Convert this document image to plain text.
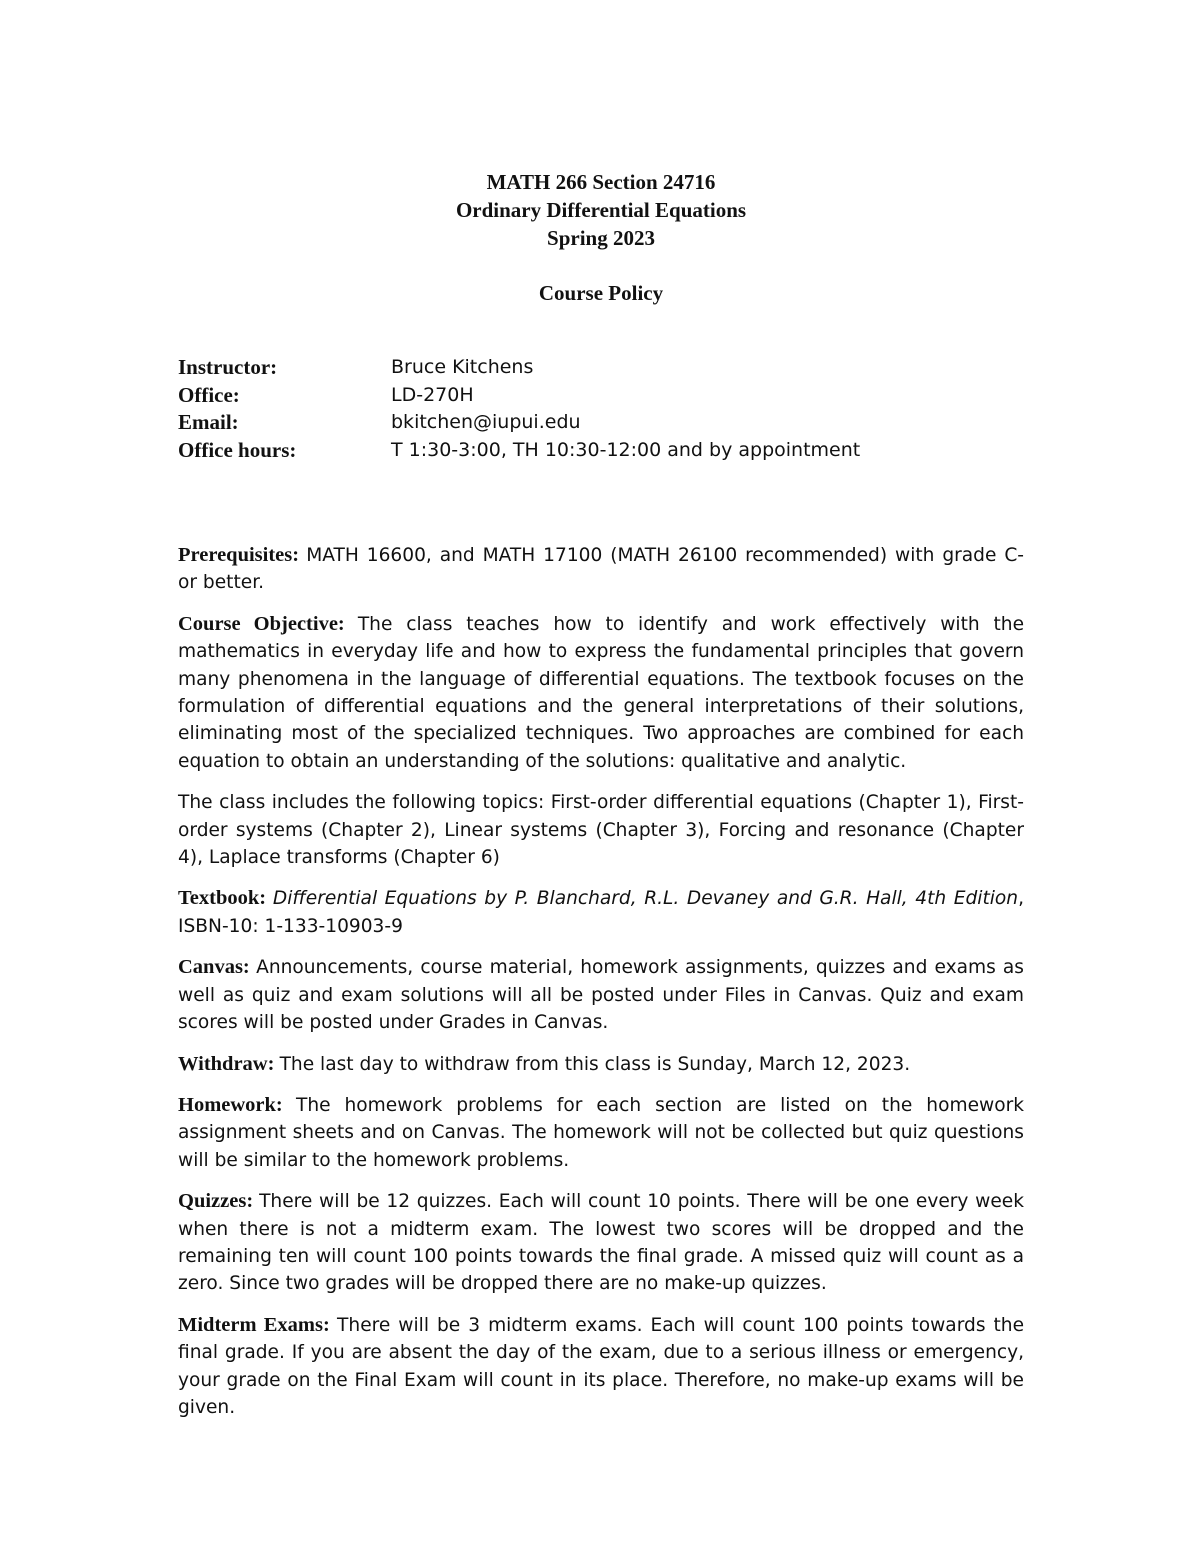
MATH 266 Section 24716
Ordinary Differential Equations
Spring 2023
Course Policy
Instructor:	Bruce Kitchens
Office:	LD-270H
Email:	bkitchen@iupui.edu
Office hours:	T 1:30-3:00, TH 10:30-12:00 and by appointment

Prerequisites: MATH 16600, and MATH 17100 (MATH 26100 recommended) with grade C- or better.

Course Objective: The class teaches how to identify and work effectively with the mathematics in everyday life and how to express the fundamental principles that govern many phenomena in the language of differential equations. The textbook focuses on the formulation of differential equations and the general interpretations of their solutions, eliminating most of the specialized techniques. Two approaches are combined for each equation to obtain an understanding of the solutions: qualitative and analytic.

The class includes the following topics: First-order differential equations (Chapter 1), First-order systems (Chapter 2), Linear systems (Chapter 3), Forcing and resonance (Chapter 4), Laplace transforms (Chapter 6)

Textbook: Differential Equations by P. Blanchard, R.L. Devaney and G.R. Hall, 4th Edition, ISBN-10: 1-133-10903-9

Canvas: Announcements, course material, homework assignments, quizzes and exams as well as quiz and exam solutions will all be posted under Files in Canvas. Quiz and exam scores will be posted under Grades in Canvas.

Withdraw: The last day to withdraw from this class is Sunday, March 12, 2023.

Homework: The homework problems for each section are listed on the homework assignment sheets and on Canvas. The homework will not be collected but quiz questions will be similar to the homework problems.

Quizzes: There will be 12 quizzes. Each will count 10 points. There will be one every week when there is not a midterm exam. The lowest two scores will be dropped and the remaining ten will count 100 points towards the final grade. A missed quiz will count as a zero. Since two grades will be dropped there are no make-up quizzes.

Midterm Exams: There will be 3 midterm exams. Each will count 100 points towards the final grade. If you are absent the day of the exam, due to a serious illness or emergency, your grade on the Final Exam will count in its place. Therefore, no make-up exams will be given.
